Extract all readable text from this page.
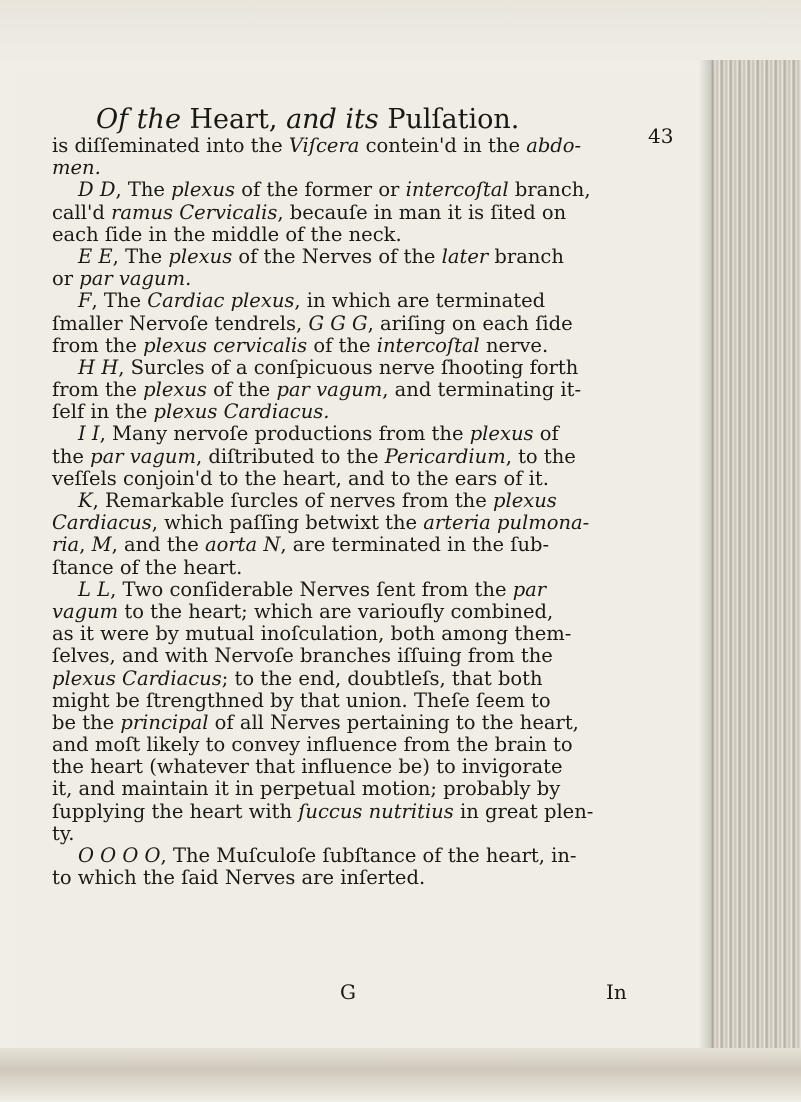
Of the Heart, and its Pulſation.
43
is diſſeminated into the Viſcera contein'd in the abdo-
men.
D D, The plexus of the former or intercoſtal branch,
call'd ramus Cervicalis, becauſe in man it is ſited on
each ſide in the middle of the neck.
E E, The plexus of the Nerves of the later branch
or par vagum.
F, The Cardiac plexus, in which are terminated
ſmaller Nervoſe tendrels, G G G, ariſing on each ſide
from the plexus cervicalis of the intercoſtal nerve.
H H, Surcles of a conſpicuous nerve ſhooting forth
from the plexus of the par vagum, and terminating it-
ſelf in the plexus Cardiacus.
I I, Many nervoſe productions from the plexus of
the par vagum, diſtributed to the Pericardium, to the
veſſels conjoin'd to the heart, and to the ears of it.
K, Remarkable ſurcles of nerves from the plexus
Cardiacus, which paſſing betwixt the arteria pulmona-
ria, M, and the aorta N, are terminated in the ſub-
ſtance of the heart.
L L, Two conſiderable Nerves ſent from the par
vagum to the heart; which are varioufly combined,
as it were by mutual inoſculation, both among them-
ſelves, and with Nervoſe branches iſſuing from the
plexus Cardiacus; to the end, doubtleſs, that both
might be ſtrengthned by that union. Theſe ſeem to
be the principal of all Nerves pertaining to the heart,
and moſt likely to convey influence from the brain to
the heart (whatever that influence be) to invigorate
it, and maintain it in perpetual motion; probably by
ſupplying the heart with ſuccus nutritius in great plen-
ty.
O O O O, The Muſculoſe ſubſtance of the heart, in-
to which the ſaid Nerves are inſerted.
G	In
